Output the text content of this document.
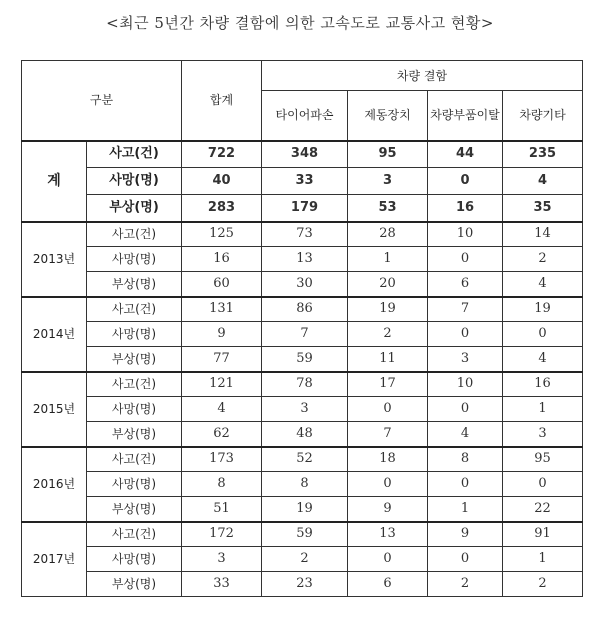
<최근 5년간 차량 결함에 의한 고속도로 교통사고 현황>
구분		합계	차량 결함			
			타이어파손	제동장치	차량부품이탈	차량기타
계	사고(건)	722	348	95	44	235
	사망(명)	40	33	3	0	4
	부상(명)	283	179	53	16	35
2013년	사고(건)	125	73	28	10	14
	사망(명)	16	13	1	0	2
	부상(명)	60	30	20	6	4
2014년	사고(건)	131	86	19	7	19
	사망(명)	9	7	2	0	0
	부상(명)	77	59	11	3	4
2015년	사고(건)	121	78	17	10	16
	사망(명)	4	3	0	0	1
	부상(명)	62	48	7	4	3
2016년	사고(건)	173	52	18	8	95
	사망(명)	8	8	0	0	0
	부상(명)	51	19	9	1	22
2017년	사고(건)	172	59	13	9	91
	사망(명)	3	2	0	0	1
	부상(명)	33	23	6	2	2
